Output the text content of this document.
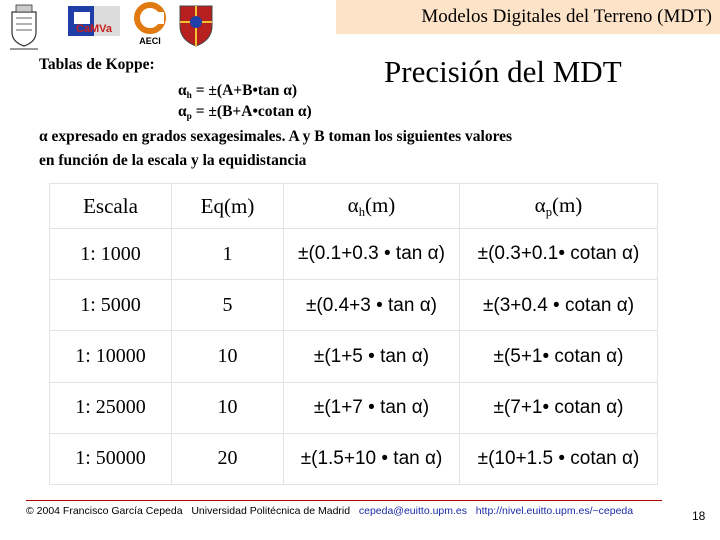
CaMVa
AECI
Modelos Digitales del Terreno (MDT)
Precisión del MDT
Tablas de Koppe:
$\alpha_h$ = ±(A+B•tan α)
$\alpha_p$ = ±(B+A•cotan α)
α expresado en grados sexagesimales. A y B toman los siguientes valores
en función de la escala y la equidistancia
Escala	Eq(m)	$\alpha_h(m)$	$\alpha_p(m)$
1: 1000	1	±(0.1+0.3 • tan α)	±(0.3+0.1• cotan α)
1: 5000	5	±(0.4+3 • tan α)	±(3+0.4 • cotan α)
1: 10000	10	±(1+5 • tan α)	±(5+1• cotan α)
1: 25000	10	±(1+7 • tan α)	±(7+1• cotan α)
1: 50000	20	±(1.5+10 • tan α)	±(10+1.5 • cotan α)
© 2004 Francisco García Cepeda Universidad Politécnica de Madrid cepeda@euitto.upm.es http://nivel.euitto.upm.es/~cepeda	18
